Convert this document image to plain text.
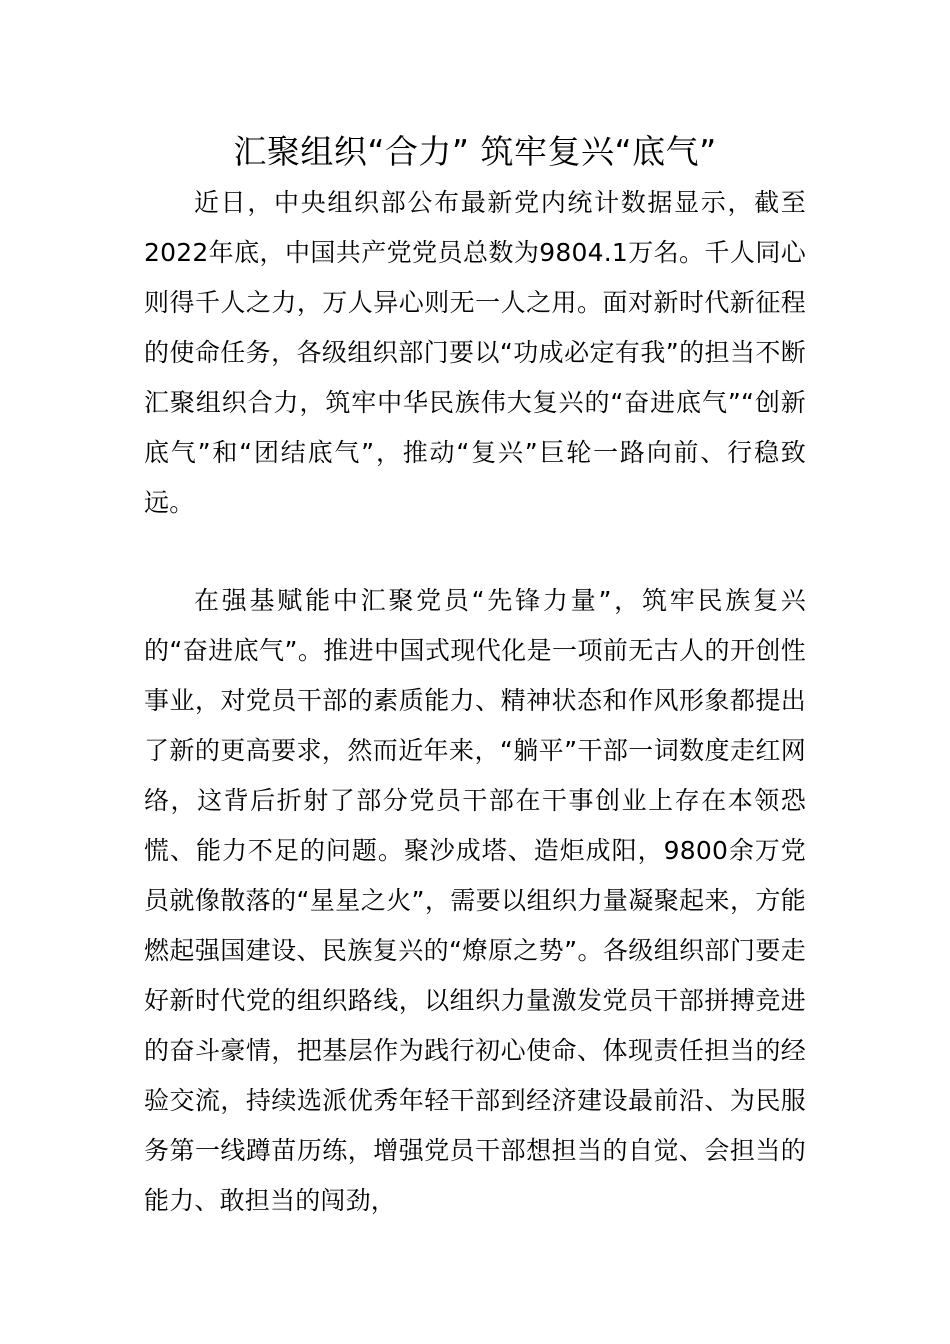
汇聚组织“合力” 筑牢复兴“底气”

近日，中央组织部公布最新党内统计数据显示，截至2022年底，中国共产党党员总数为9804.1万名。千人同心则得千人之力，万人异心则无一人之用。面对新时代新征程的使命任务，各级组织部门要以“功成必定有我”的担当不断汇聚组织合力，筑牢中华民族伟大复兴的“奋进底气”“创新底气”和“团结底气”，推动“复兴”巨轮一路向前、行稳致远。

在强基赋能中汇聚党员“先锋力量”，筑牢民族复兴的“奋进底气”。推进中国式现代化是一项前无古人的开创性事业，对党员干部的素质能力、精神状态和作风形象都提出了新的更高要求，然而近年来，“躺平”干部一词数度走红网络，这背后折射了部分党员干部在干事创业上存在本领恐慌、能力不足的问题。聚沙成塔、造炬成阳，9800余万党员就像散落的“星星之火”，需要以组织力量凝聚起来，方能燃起强国建设、民族复兴的“燎原之势”。各级组织部门要走好新时代党的组织路线，以组织力量激发党员干部拼搏竞进的奋斗豪情，把基层作为践行初心使命、体现责任担当的经验交流，持续选派优秀年轻干部到经济建设最前沿、为民服务第一线蹲苗历练，增强党员干部想担当的自觉、会担当的能力、敢担当的闯劲，
